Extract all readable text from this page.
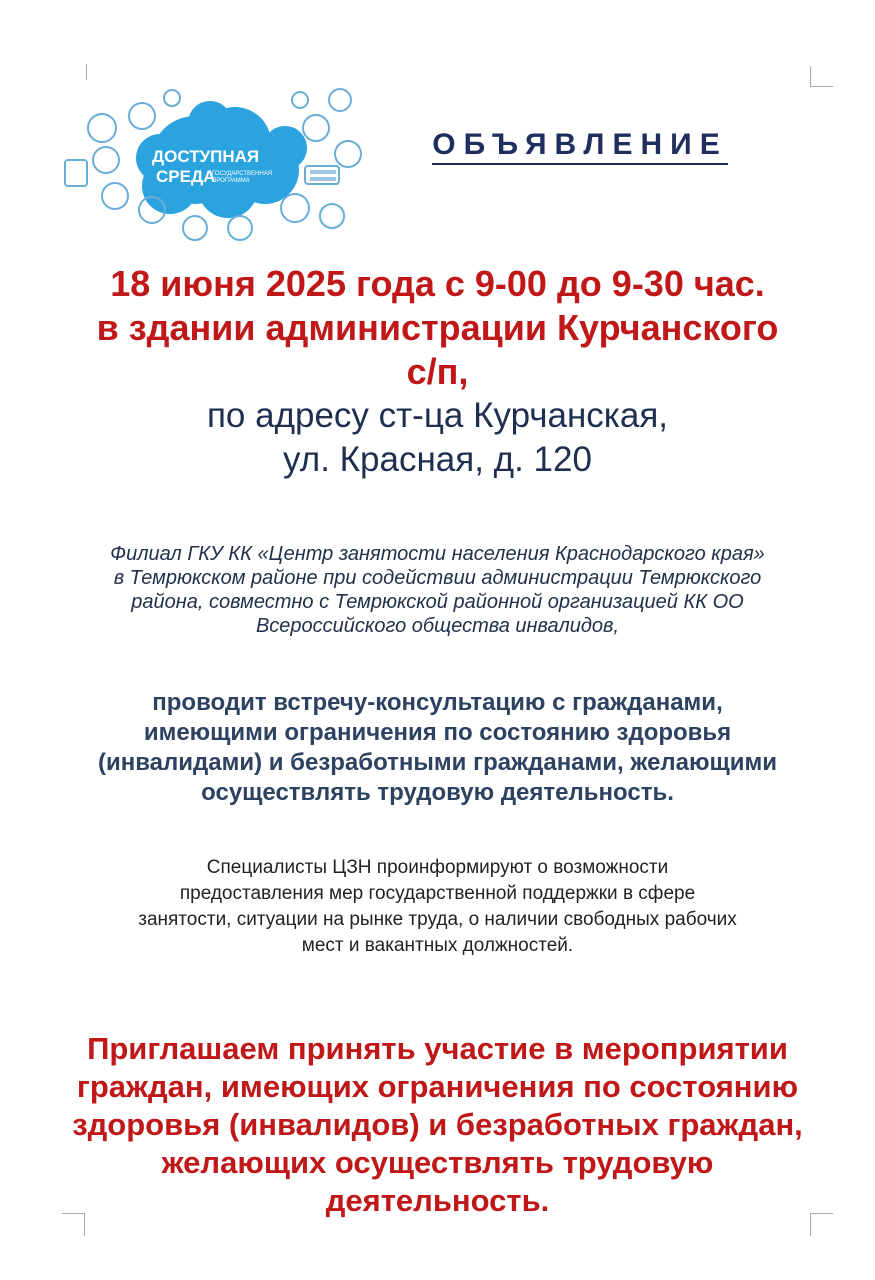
ДОСТУПНАЯ
СРЕДА
ГОСУДАРСТВЕННАЯ
ПРОГРАММА
ОБЪЯВЛЕНИЕ
18 июня 2025 года с 9-00 до 9-30 час.
в здании администрации Курчанского
с/п,
по адресу ст-ца Курчанская,
ул. Красная, д. 120
Филиал ГКУ КК «Центр занятости населения Краснодарского края»
в Темрюкском районе при содействии администрации Темрюкского
района, совместно с Темрюкской районной организацией КК ОО
Всероссийского общества инвалидов,
проводит встречу-консультацию с гражданами,
имеющими ограничения по состоянию здоровья
(инвалидами) и безработными гражданами, желающими
осуществлять трудовую деятельность.
Специалисты ЦЗН проинформируют о возможности
предоставления мер государственной поддержки в сфере
занятости, ситуации на рынке труда, о наличии свободных рабочих
мест и вакантных должностей.
Приглашаем принять участие в мероприятии
граждан, имеющих ограничения по состоянию
здоровья (инвалидов) и безработных граждан,
желающих осуществлять трудовую
деятельность.
